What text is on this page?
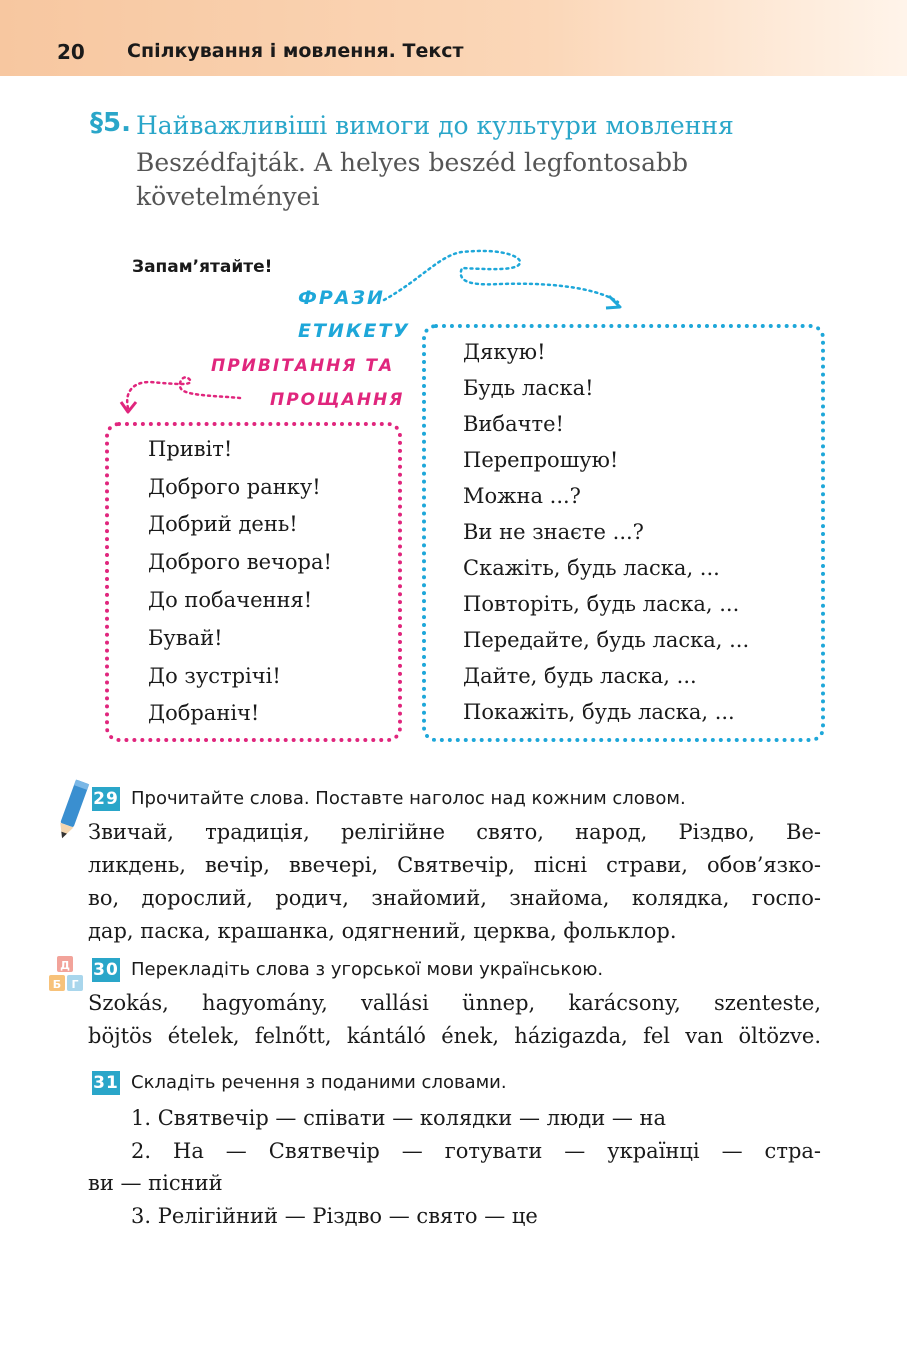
20 Спілкування і мовлення. Текст
§5. Найважливіші вимоги до культури мовлення
Beszédfajták. A helyes beszéd legfontosabb
követelményei
Запам’ятайте!
ФРАЗИ
ЕТИКЕТУ
ПРИВІТАННЯ ТА
ПРОЩАННЯ
Привіт!
Доброго ранку!
Добрий день!
Доброго вечора!
До побачення!
Бувай!
До зустрічі!
Добраніч!
Дякую!
Будь ласка!
Вибачте!
Перепрошую!
Можна ...?
Ви не знаєте ...?
Скажіть, будь ласка, ...
Повторіть, будь ласка, ...
Передайте, будь ласка, ...
Дайте, будь ласка, ...
Покажіть, будь ласка, ...
29 Прочитайте слова. Поставте наголос над кожним словом.
Звичай, традиція, релігійне свято, народ, Різдво, Ве-
ликдень, вечір, ввечері, Святвечір, пісні страви, обов’язко-
во, дорослий, родич, знайомий, знайома, колядка, госпо-
дар, паска, крашанка, одягнений, церква, фольклор.
Д
Б Г
30 Перекладіть слова з угорської мови українською.
Szokás, hagyomány, vallási ünnep, karácsony, szenteste,
böjtös ételek, felnőtt, kántáló ének, házigazda, fel van öltözve.
31 Складіть речення з поданими словами.
1. Святвечір — співати — колядки — люди — на
2. На — Святвечір — готувати — українці — стра-
ви — пісний
3. Релігійний — Різдво — свято — це
